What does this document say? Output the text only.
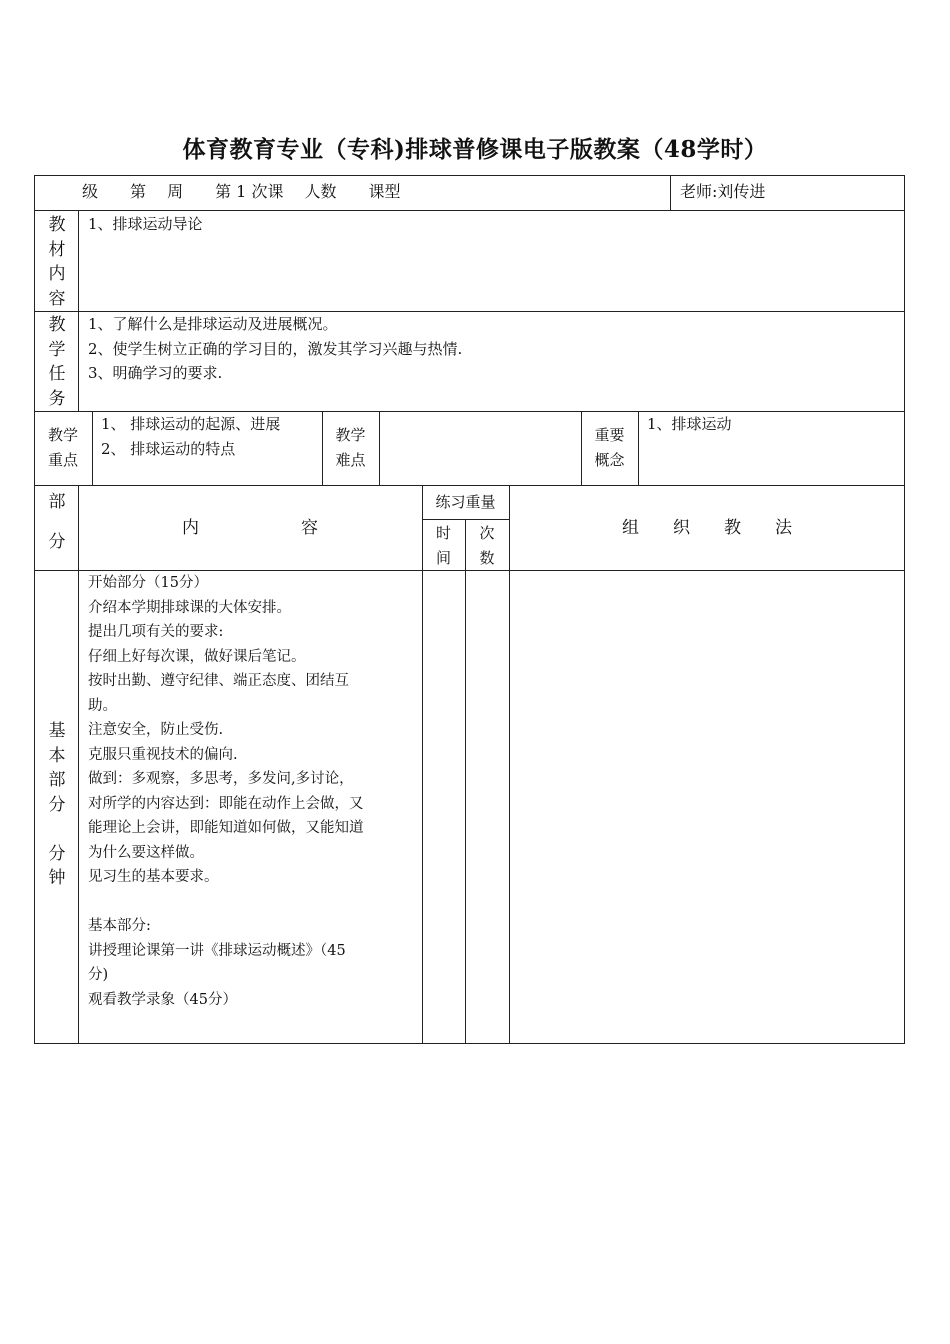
体育教育专业（专科)排球普修课电子版教案（48学时）
级　　第　 周　　第 1 次课　 人数　　课型	老师:刘传进
教
材
内
容
1、排球运动导论
教
学
任
务
1、了解什么是排球运动及进展概况。
2、使学生树立正确的学习目的，激发其学习兴趣与热情.
3、明确学习的要求.
教学
重点
1、 排球运动的起源、进展
2、 排球运动的特点
教学
难点
重要
概念
1、排球运动
部
分
内　　　　　　容
练习重量
时
间
次
数
组　　织　　教　　法
基
本
部
分
分
钟
开始部分（15分）
介绍本学期排球课的大体安排。
提出几项有关的要求:
仔细上好每次课，做好课后笔记。
按时出勤、遵守纪律、端正态度、团结互
助。
注意安全，防止受伤.
克服只重视技术的偏向.
做到：多观察，多思考，多发问,多讨论，
对所学的内容达到：即能在动作上会做，又
能理论上会讲，即能知道如何做，又能知道
为什么要这样做。
见习生的基本要求。
基本部分:
讲授理论课第一讲《排球运动概述》（45
分)
观看教学录象（45分）
